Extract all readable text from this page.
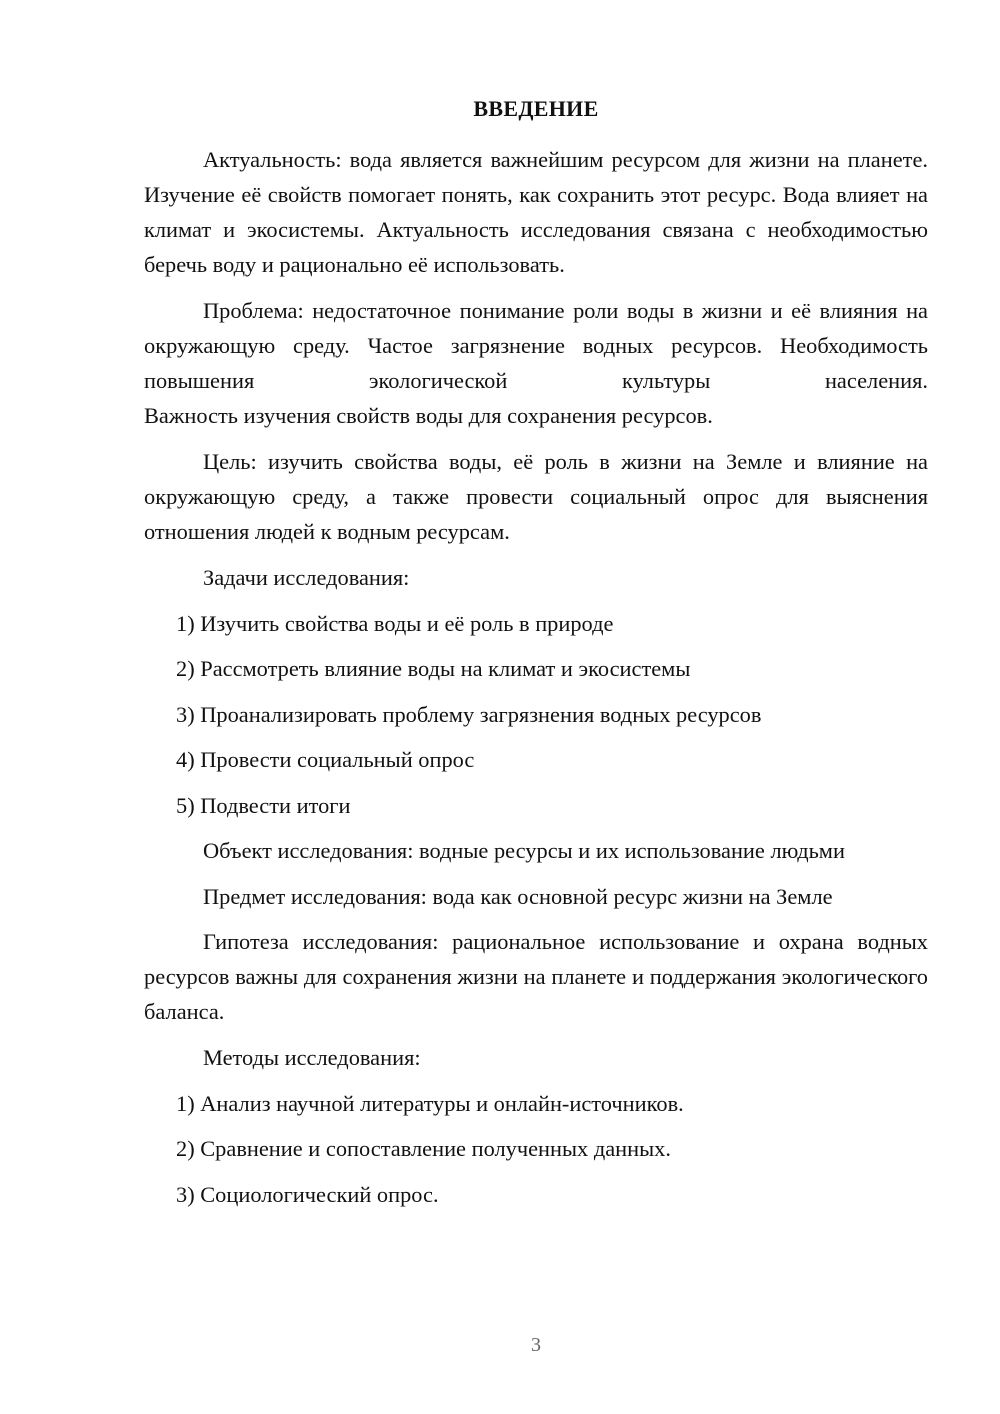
ВВЕДЕНИЕ

Актуальность: вода является важнейшим ресурсом для жизни на планете. Изучение её свойств помогает понять, как сохранить этот ресурс. Вода влияет на климат и экосистемы. Актуальность исследования связана с необходимостью беречь воду и рационально её использовать.

Проблема: недостаточное понимание роли воды в жизни и её влияния на окружающую среду. Частое загрязнение водных ресурсов. Необходимость повышения экологической культуры населения.

Важность изучения свойств воды для сохранения ресурсов.

Цель: изучить свойства воды, её роль в жизни на Земле и влияние на окружающую среду, а также провести социальный опрос для выяснения отношения людей к водным ресурсам.

Задачи исследования:
1) Изучить свойства воды и её роль в природе
2) Рассмотреть влияние воды на климат и экосистемы
3) Проанализировать проблему загрязнения водных ресурсов
4) Провести социальный опрос
5) Подвести итоги
Объект исследования: водные ресурсы и их использование людьми
Предмет исследования: вода как основной ресурс жизни на Земле

Гипотеза исследования: рациональное использование и охрана водных ресурсов важны для сохранения жизни на планете и поддержания экологического баланса.

Методы исследования:
1) Анализ научной литературы и онлайн-источников.
2) Сравнение и сопоставление полученных данных.
3) Социологический опрос.
3
